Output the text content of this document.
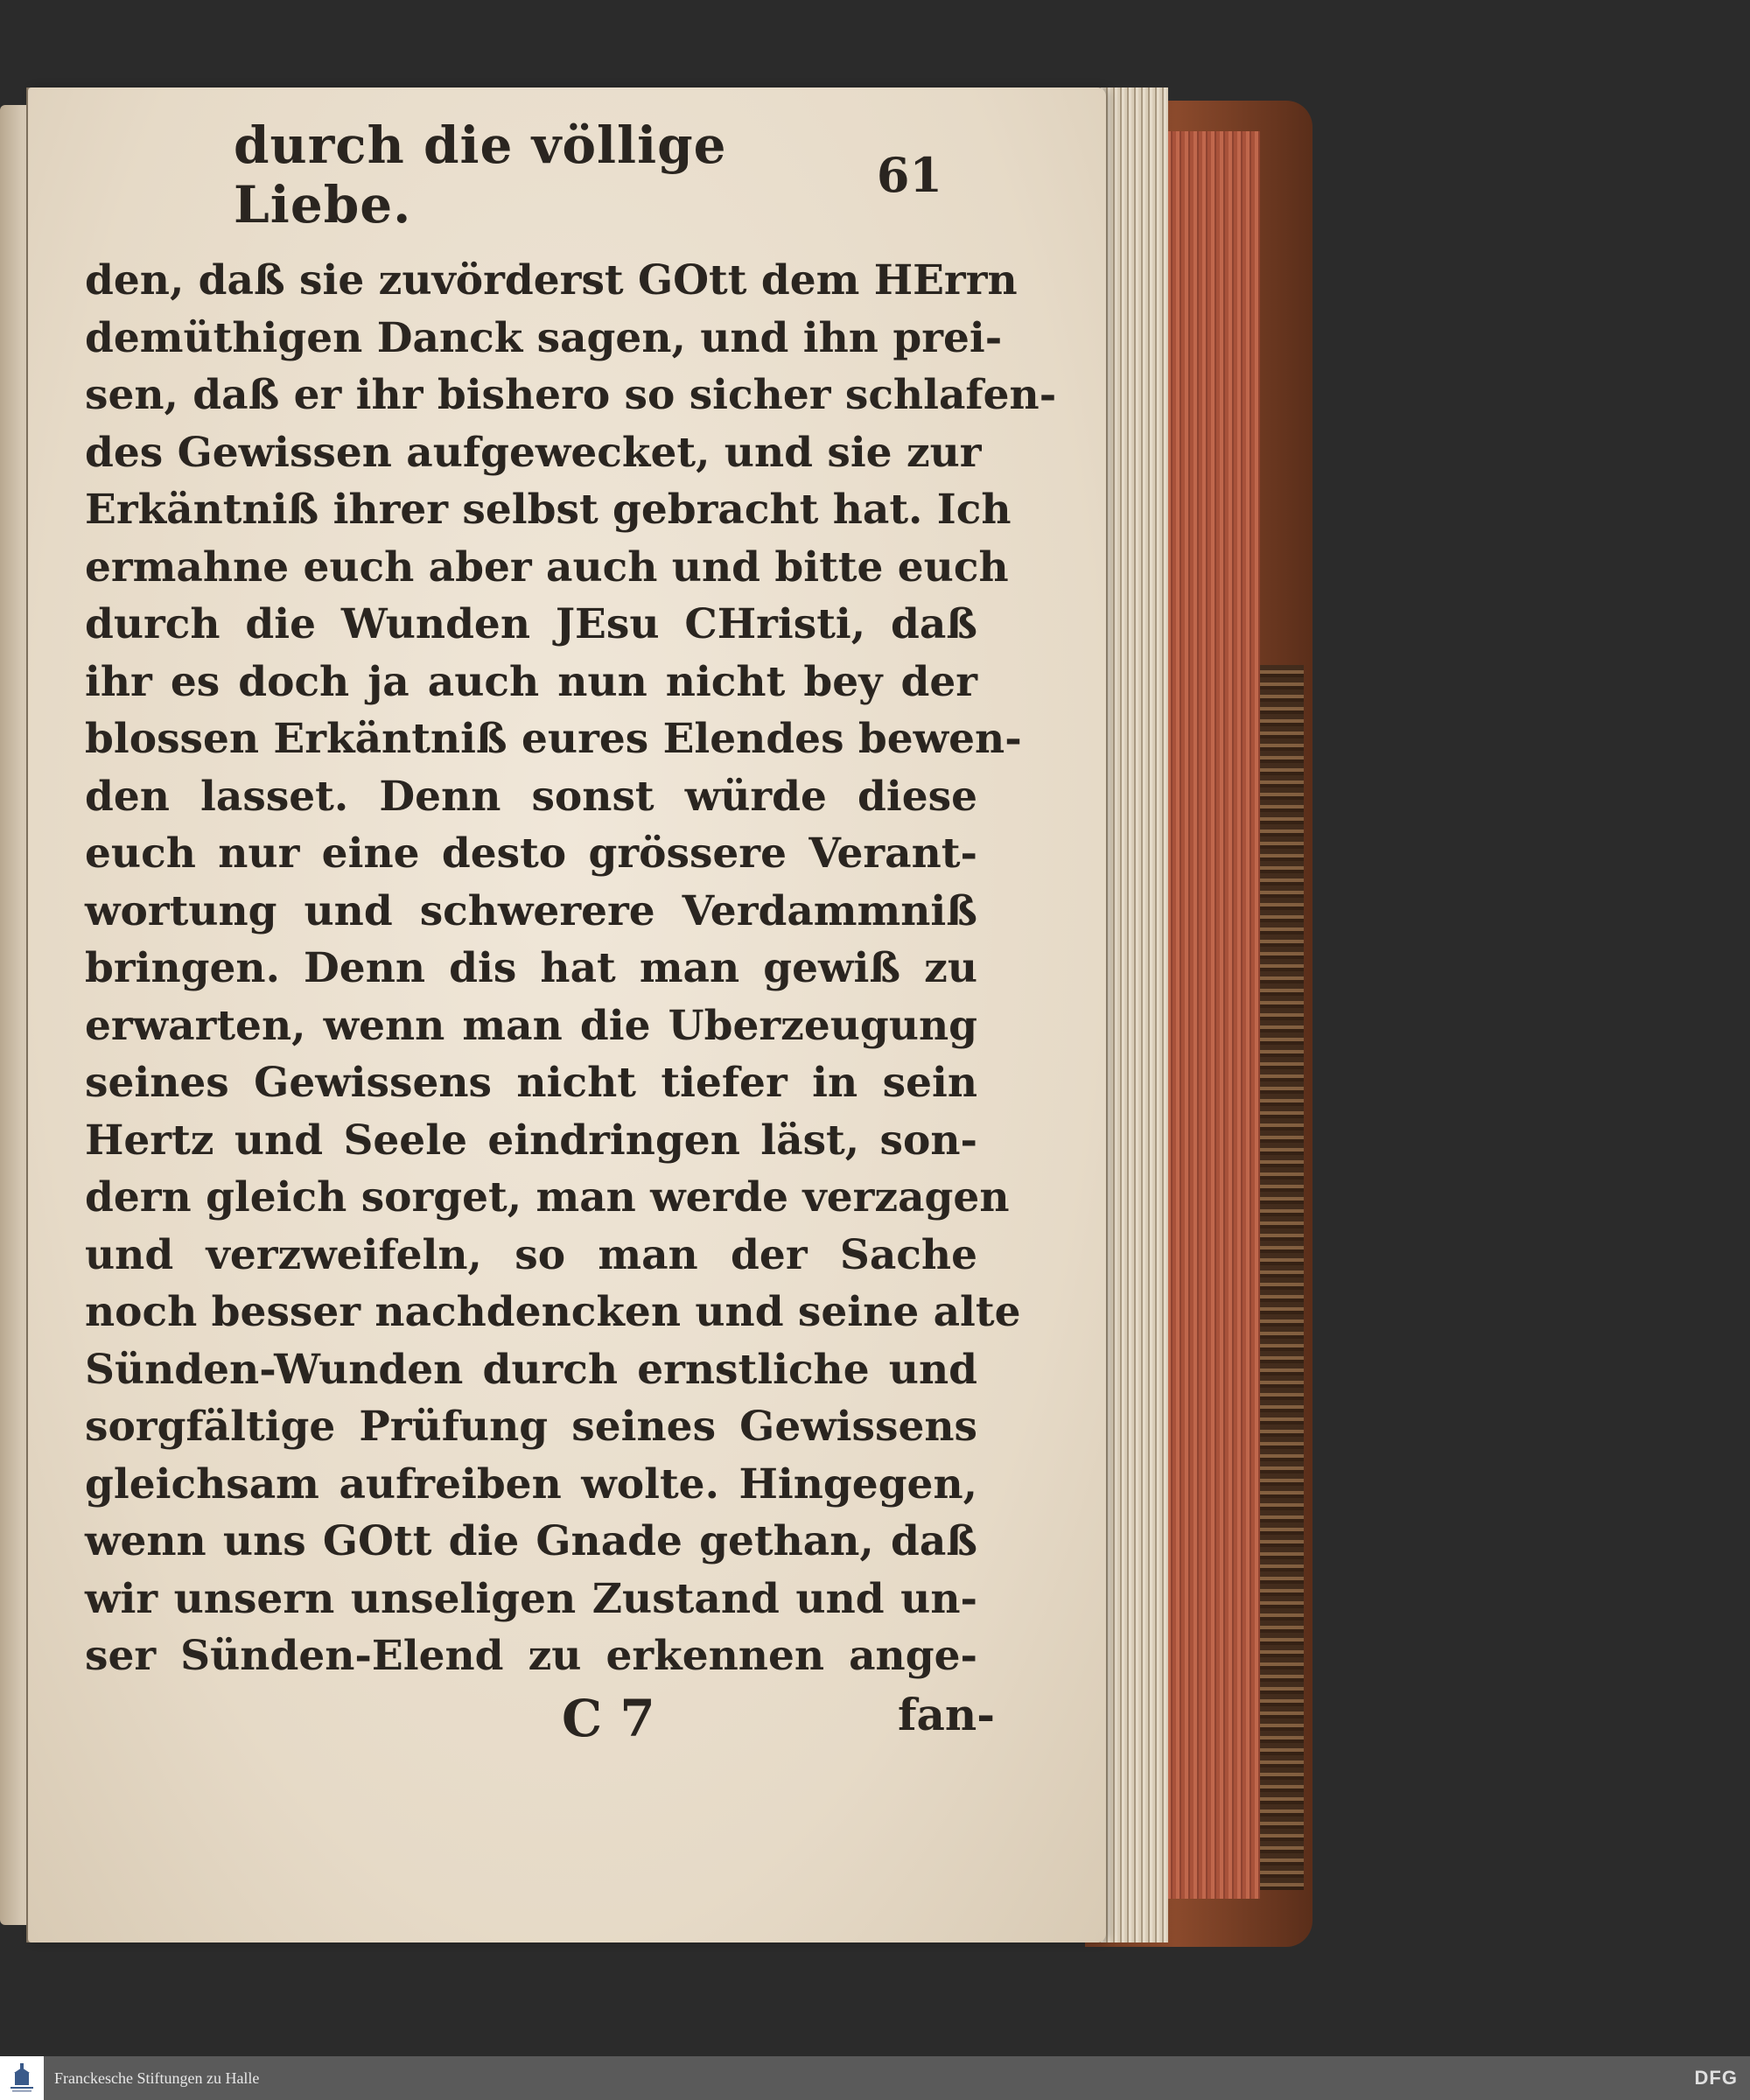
durch die völlige Liebe.	61
den, daß sie zuvörderst GOtt dem HErrn
demüthigen Danck sagen, und ihn prei-
sen, daß er ihr bishero so sicher schlafen-
des Gewissen aufgewecket, und sie zur
Erkäntniß ihrer selbst gebracht hat. Ich
ermahne euch aber auch und bitte euch
durch die Wunden JEsu CHristi, daß
ihr es doch ja auch nun nicht bey der
blossen Erkäntniß eures Elendes bewen-
den lasset. Denn sonst würde diese
euch nur eine desto grössere Verant-
wortung und schwerere Verdammniß
bringen. Denn dis hat man gewiß zu
erwarten, wenn man die Uberzeugung
seines Gewissens nicht tiefer in sein
Hertz und Seele eindringen läst, son-
dern gleich sorget, man werde verzagen
und verzweifeln, so man der Sache
noch besser nachdencken und seine alte
Sünden-Wunden durch ernstliche und
sorgfältige Prüfung seines Gewissens
gleichsam aufreiben wolte. Hingegen,
wenn uns GOtt die Gnade gethan, daß
wir unsern unseligen Zustand und un-
ser Sünden-Elend zu erkennen ange-
C 7	fan-
Franckesche Stiftungen zu Halle	DFG
